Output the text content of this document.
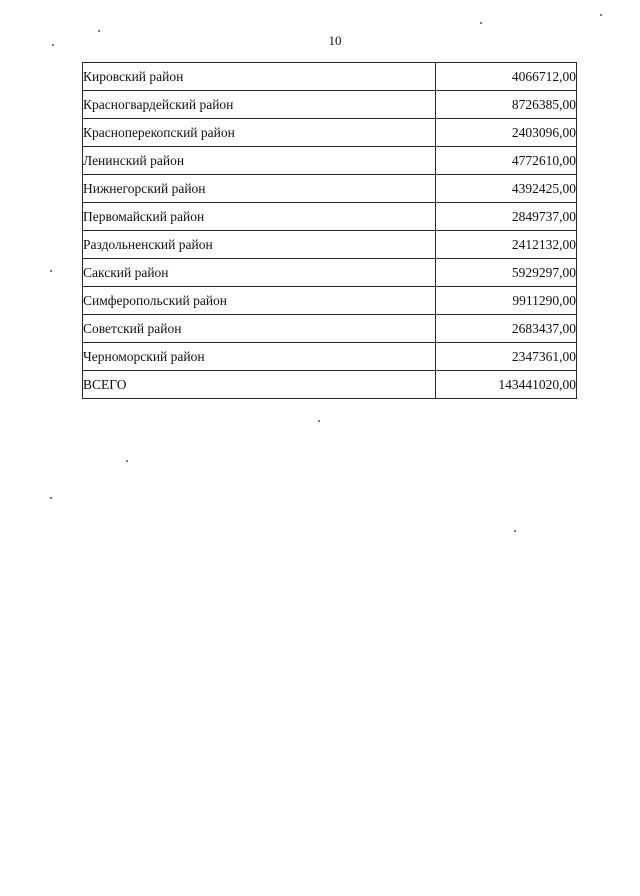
10
Кировский район	4066712,00
Красногвардейский район	8726385,00
Красноперекопский район	2403096,00
Ленинский район	4772610,00
Нижнегорский район	4392425,00
Первомайский район	2849737,00
Раздольненский район	2412132,00
Сакский район	5929297,00
Симферопольский район	9911290,00
Советский район	2683437,00
Черноморский район	2347361,00
ВСЕГО	143441020,00
